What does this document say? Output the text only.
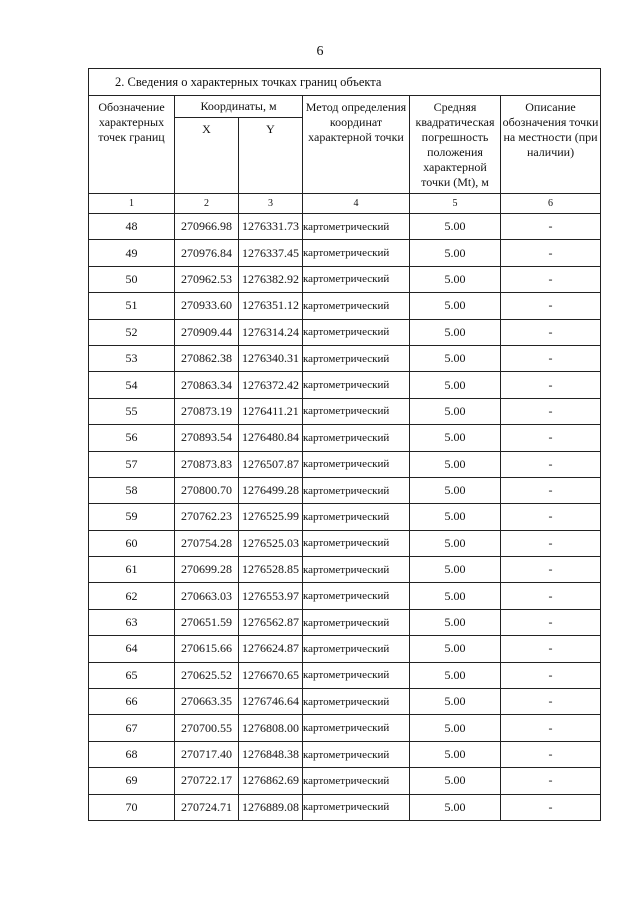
6
2. Сведения о характерных точках границ объекта					
Обозначение характерных точек границ	Координаты, м		Метод определения координат характерной точки	Средняя квадратическая погрешность положения характерной точки (Mt), м	Описание обозначения точки на местности (при наличии)
	X	Y			
1	2	3	4	5	6
48	270966.98	1276331.73	картометрический	5.00	-
49	270976.84	1276337.45	картометрический	5.00	-
50	270962.53	1276382.92	картометрический	5.00	-
51	270933.60	1276351.12	картометрический	5.00	-
52	270909.44	1276314.24	картометрический	5.00	-
53	270862.38	1276340.31	картометрический	5.00	-
54	270863.34	1276372.42	картометрический	5.00	-
55	270873.19	1276411.21	картометрический	5.00	-
56	270893.54	1276480.84	картометрический	5.00	-
57	270873.83	1276507.87	картометрический	5.00	-
58	270800.70	1276499.28	картометрический	5.00	-
59	270762.23	1276525.99	картометрический	5.00	-
60	270754.28	1276525.03	картометрический	5.00	-
61	270699.28	1276528.85	картометрический	5.00	-
62	270663.03	1276553.97	картометрический	5.00	-
63	270651.59	1276562.87	картометрический	5.00	-
64	270615.66	1276624.87	картометрический	5.00	-
65	270625.52	1276670.65	картометрический	5.00	-
66	270663.35	1276746.64	картометрический	5.00	-
67	270700.55	1276808.00	картометрический	5.00	-
68	270717.40	1276848.38	картометрический	5.00	-
69	270722.17	1276862.69	картометрический	5.00	-
70	270724.71	1276889.08	картометрический	5.00	-
